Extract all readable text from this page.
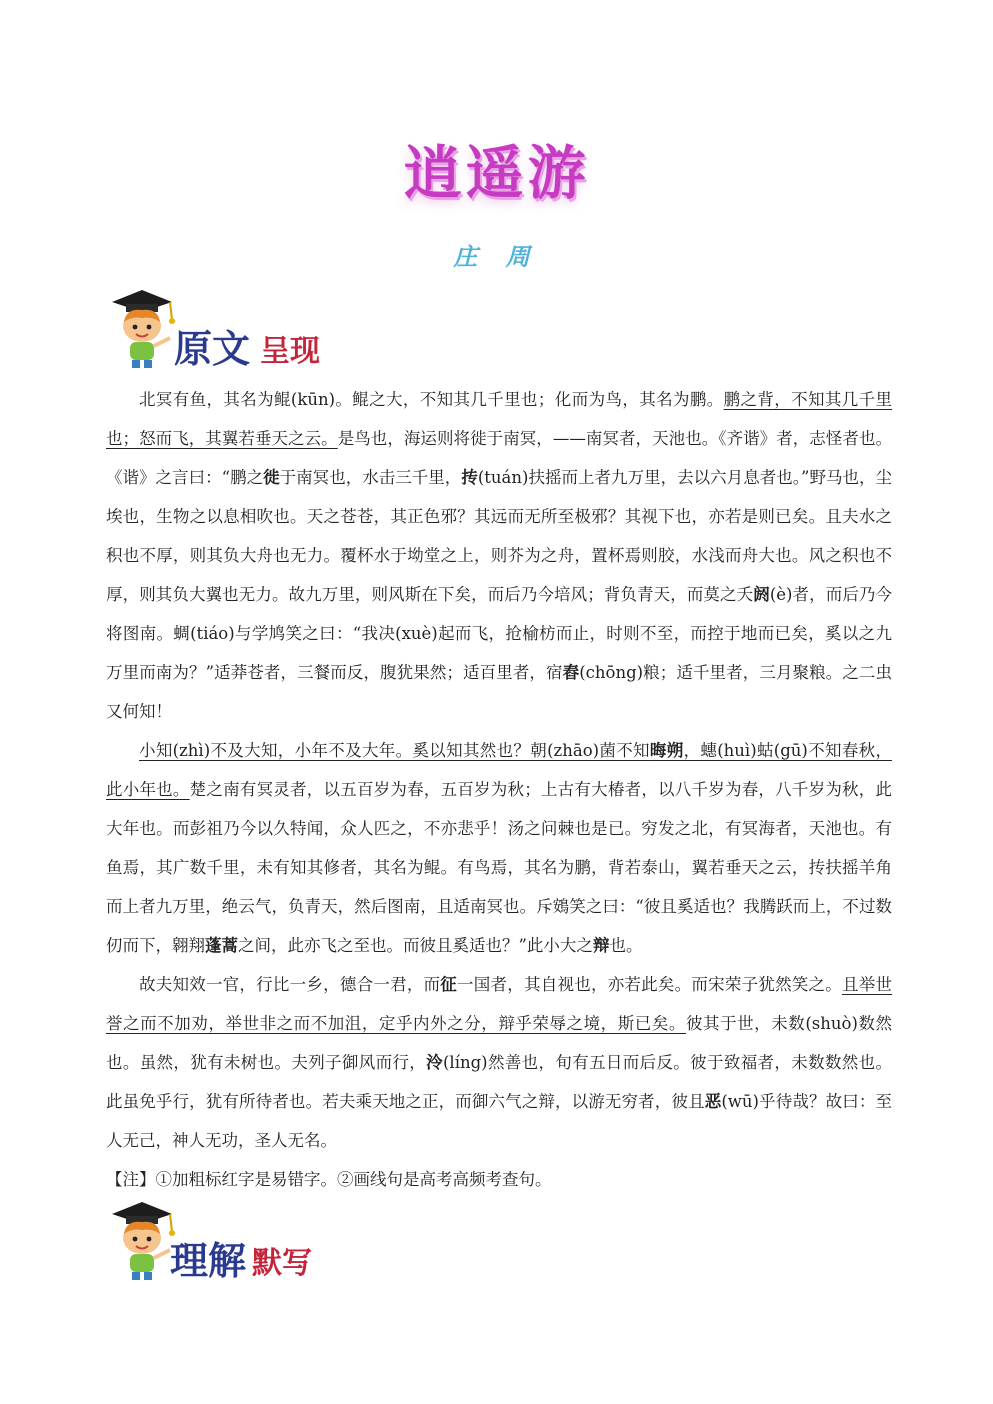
逍遥游
庄 周
原文 呈现

北冥有鱼，其名为鲲(kūn)。鲲之大，不知其几千里也；化而为鸟，其名为鹏。鹏之背，不知其几千里也；怒而飞，其翼若垂天之云。是鸟也，海运则将徙于南冥，——南冥者，天池也。《齐谐》者，志怪者也。《谐》之言曰：“鹏之徙于南冥也，水击三千里，抟(tuán)扶摇而上者九万里，去以六月息者也。”野马也，尘埃也，生物之以息相吹也。天之苍苍，其正色邪？其远而无所至极邪？其视下也，亦若是则已矣。且夫水之积也不厚，则其负大舟也无力。覆杯水于坳堂之上，则芥为之舟，置杯焉则胶，水浅而舟大也。风之积也不厚，则其负大翼也无力。故九万里，则风斯在下矣，而后乃今培风；背负青天，而莫之夭阏(è)者，而后乃今将图南。蜩(tiáo)与学鸠笑之曰：“我决(xuè)起而飞，抢榆枋而止，时则不至，而控于地而已矣，奚以之九万里而南为？”适莽苍者，三餐而反，腹犹果然；适百里者，宿舂(chōng)粮；适千里者，三月聚粮。之二虫又何知！

小知(zhì)不及大知，小年不及大年。奚以知其然也？朝(zhāo)菌不知晦朔，蟪(huì)蛄(gū)不知春秋，此小年也。楚之南有冥灵者，以五百岁为春，五百岁为秋；上古有大椿者，以八千岁为春，八千岁为秋，此大年也。而彭祖乃今以久特闻，众人匹之，不亦悲乎！汤之问棘也是已。穷发之北，有冥海者，天池也。有鱼焉，其广数千里，未有知其修者，其名为鲲。有鸟焉，其名为鹏，背若泰山，翼若垂天之云，抟扶摇羊角而上者九万里，绝云气，负青天，然后图南，且适南冥也。斥鴳笑之曰：“彼且奚适也？我腾跃而上，不过数仞而下，翱翔蓬蒿之间，此亦飞之至也。而彼且奚适也？”此小大之辩也。

故夫知效一官，行比一乡，德合一君，而征一国者，其自视也，亦若此矣。而宋荣子犹然笑之。且举世誉之而不加劝，举世非之而不加沮，定乎内外之分，辩乎荣辱之境，斯已矣。彼其于世，未数(shuò)数然也。虽然，犹有未树也。夫列子御风而行，泠(líng)然善也，旬有五日而后反。彼于致福者，未数数然也。此虽免乎行，犹有所待者也。若夫乘天地之正，而御六气之辩，以游无穷者，彼且恶(wū)乎待哉？故曰：至人无己，神人无功，圣人无名。

【注】①加粗标红字是易错字。②画线句是高考高频考查句。

理解 默写
